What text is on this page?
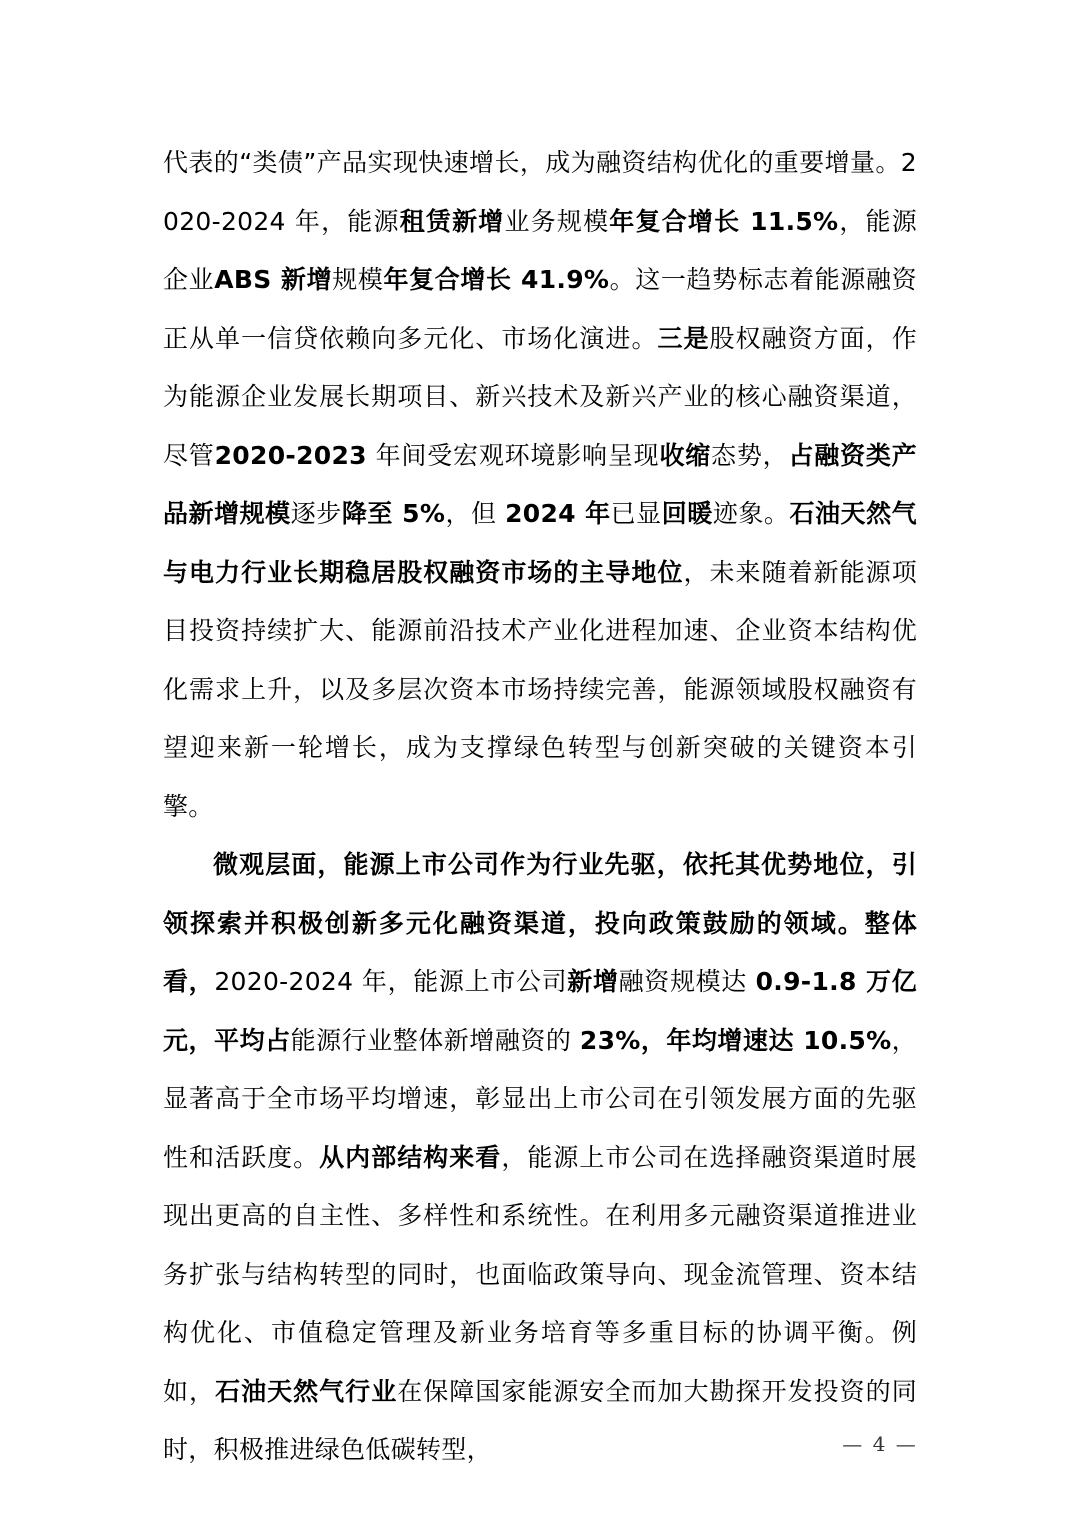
代表的“类债”产品实现快速增长，成为融资结构优化的重要增量。2020-2024 年，能源租赁新增业务规模年复合增长 11.5%，能源企业ABS 新增规模年复合增长 41.9%。这一趋势标志着能源融资正从单一信贷依赖向多元化、市场化演进。三是股权融资方面，作为能源企业发展长期项目、新兴技术及新兴产业的核心融资渠道，尽管2020-2023 年间受宏观环境影响呈现收缩态势，占融资类产品新增规模逐步降至 5%，但 2024 年已显回暖迹象。石油天然气与电力行业长期稳居股权融资市场的主导地位，未来随着新能源项目投资持续扩大、能源前沿技术产业化进程加速、企业资本结构优化需求上升，以及多层次资本市场持续完善，能源领域股权融资有望迎来新一轮增长，成为支撑绿色转型与创新突破的关键资本引擎。

微观层面，能源上市公司作为行业先驱，依托其优势地位，引领探索并积极创新多元化融资渠道，投向政策鼓励的领域。整体看，2020-2024 年，能源上市公司新增融资规模达 0.9-1.8 万亿元，平均占能源行业整体新增融资的 23%，年均增速达 10.5%，显著高于全市场平均增速，彰显出上市公司在引领发展方面的先驱性和活跃度。从内部结构来看，能源上市公司在选择融资渠道时展现出更高的自主性、多样性和系统性。在利用多元融资渠道推进业务扩张与结构转型的同时，也面临政策导向、现金流管理、资本结构优化、市值稳定管理及新业务培育等多重目标的协调平衡。例如，石油天然气行业在保障国家能源安全而加大勘探开发投资的同时，积极推进绿色低碳转型，	— 4 —
